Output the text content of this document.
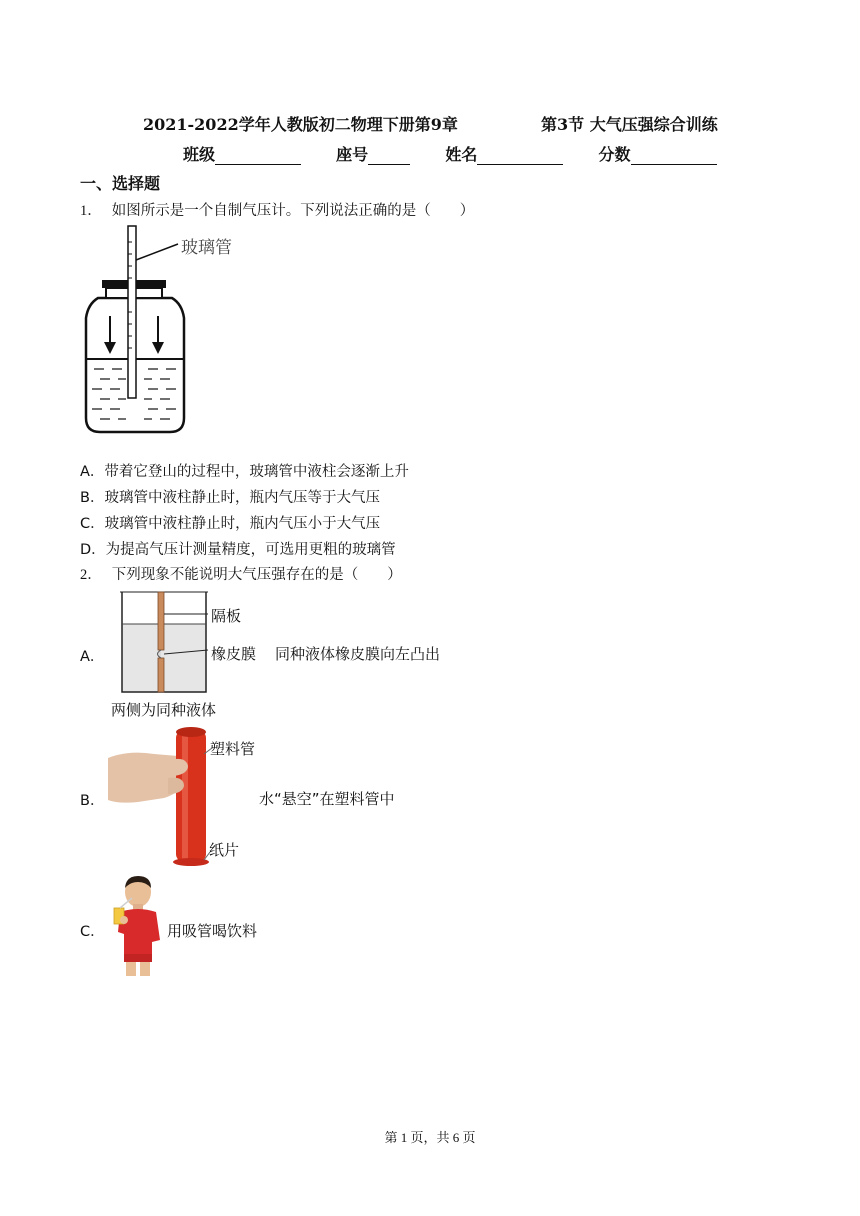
2021-2022学年人教版初二物理下册第9章	第3节 大气压强综合训练
班级	座号	姓名	分数
一、选择题
1． 如图所示是一个自制气压计。下列说法正确的是（　　）
玻璃管
A．带着它登山的过程中，玻璃管中液柱会逐渐上升
B．玻璃管中液柱静止时，瓶内气压等于大气压
C．玻璃管中液柱静止时，瓶内气压小于大气压
D．为提高气压计测量精度，可选用更粗的玻璃管
2． 下列现象不能说明大气压强存在的是（　　）
A．
隔板
橡皮膜 同种液体橡皮膜向左凸出
两侧为同种液体
B．
塑料管
纸片
水“悬空”在塑料管中
C．	用吸管喝饮料
第 1 页，共 6 页
